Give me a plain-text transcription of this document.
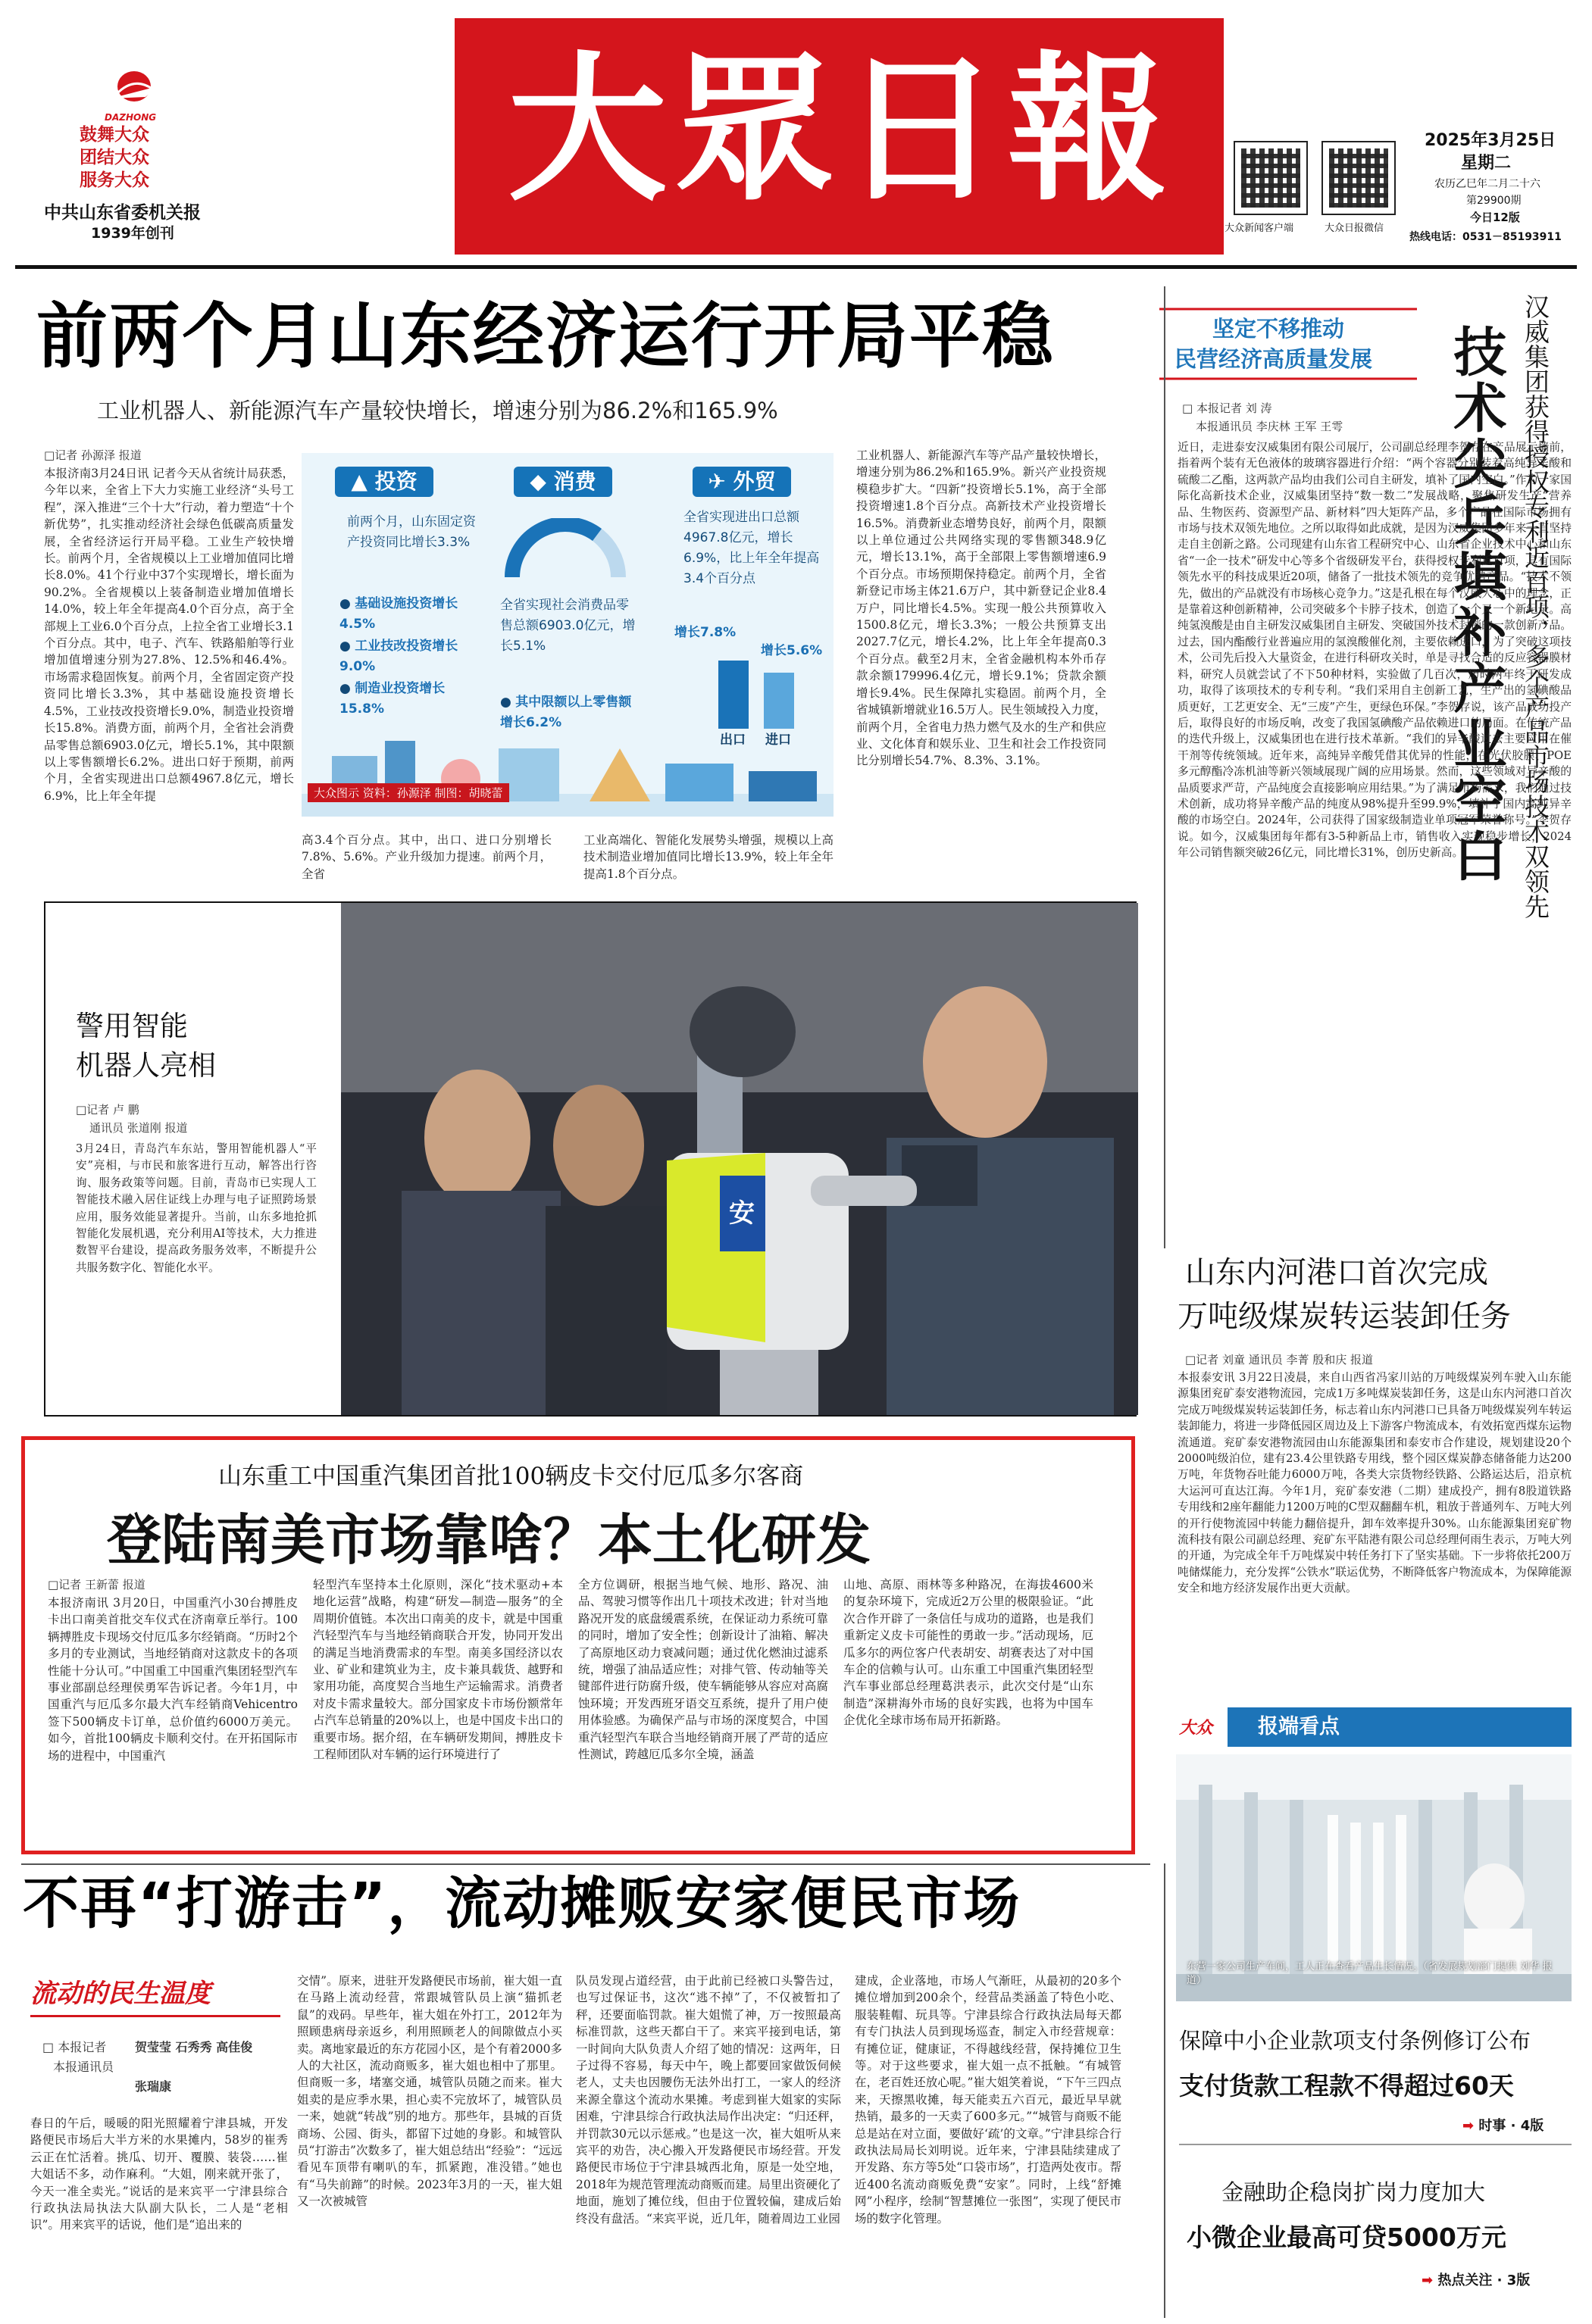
DAZHONG
鼓舞大众
团结大众
服务大众
中共山东省委机关报
1939年创刊
大眾日報
大众新闻客户端	大众日报微信
2025年3月25日
星期二
农历乙巳年二月二十六
第29900期
今日12版
热线电话：0531－85193911
前两个月山东经济运行开局平稳
工业机器人、新能源汽车产量较快增长，增速分别为86.2%和165.9%
□记者 孙源泽 报道
本报济南3月24日讯 记者今天从省统计局获悉，今年以来，全省上下大力实施工业经济“头号工程”，深入推进“三个十大”行动，着力塑造“十个新优势”，扎实推动经济社会绿色低碳高质量发展，全省经济运行开局平稳。工业生产较快增长。前两个月，全省规模以上工业增加值同比增长8.0%。41个行业中37个实现增长，增长面为90.2%。全省规模以上装备制造业增加值增长14.0%，较上年全年提高4.0个百分点，高于全部规上工业6.0个百分点，上拉全省工业增长3.1个百分点。其中，电子、汽车、铁路船舶等行业增加值增速分别为27.8%、12.5%和46.4%。市场需求稳固恢复。前两个月，全省固定资产投资同比增长3.3%，其中基础设施投资增长4.5%，工业技改投资增长9.0%，制造业投资增长15.8%。消费方面，前两个月，全省社会消费品零售总额6903.0亿元，增长5.1%，其中限额以上零售额增长6.2%。进出口好于预期，前两个月，全省实现进出口总额4967.8亿元，增长6.9%，比上年全年提
▲ 投资
前两个月，山东固定资产投资同比增长3.3%
● 基础设施投资增长4.5%
● 工业技改投资增长9.0%
● 制造业投资增长15.8%
◆ 消费
全省实现社会消费品零售总额6903.0亿元，增长5.1%
● 其中限额以上零售额增长6.2%
✈ 外贸
全省实现进出口总额4967.8亿元，增长6.9%，比上年全年提高3.4个百分点
增长7.8%
增长5.6%
出口 进口
大众图示 资料：孙源泽 制图：胡晓蕾
高3.4个百分点。其中，出口、进口分别增长7.8%、5.6%。产业升级加力提速。前两个月，全省
工业高端化、智能化发展势头增强，规模以上高技术制造业增加值同比增长13.9%，较上年全年提高1.8个百分点。
工业机器人、新能源汽车等产品产量较快增长，增速分别为86.2%和165.9%。新兴产业投资规模稳步扩大。“四新”投资增长5.1%，高于全部投资增速1.8个百分点。高新技术产业投资增长16.5%。消费新业态增势良好，前两个月，限额以上单位通过公共网络实现的零售额348.9亿元，增长13.1%，高于全部限上零售额增速6.9个百分点。市场预期保持稳定。前两个月，全省新登记市场主体21.6万户，其中新登记企业8.4万户，同比增长4.5%。实现一般公共预算收入1500.8亿元，增长3.3%；一般公共预算支出2027.7亿元，增长4.2%，比上年全年提高0.3个百分点。截至2月末，全省金融机构本外币存款余额179996.4亿元，增长9.1%；贷款余额增长9.4%。民生保障扎实稳固。前两个月，全省城镇新增就业16.5万人。民生领域投入力度，前两个月，全省电力热力燃气及水的生产和供应业、文化体育和娱乐业、卫生和社会工作投资同比分别增长54.7%、8.3%、3.1%。
坚定不移推动
民营经济高质量发展
□ 本报记者 刘 涛
本报通讯员 李庆林 王军 王雩 技术尖兵填补产业空白 汉威集团获得授权专利近百项，多个产品市场技术双领先
近日，走进泰安汉威集团有限公司展厅，公司副总经理李贺存在产品展示墙前，指着两个装有无色液体的玻璃容器进行介绍：“两个容器分别装着高纯异辛酸和硫酸二乙酯，这两款产品均由我们公司自主研发，填补了国内空白。”作为一家国际化高新技术企业，汉威集团坚持“数一数二”发展战略，聚焦研发生产“营养品、生物医药、资源型产品、新材料”四大矩阵产品，多个产品在国际市场拥有市场与技术双领先地位。之所以取得如此成就，是因为汉威集团多年来一直坚持走自主创新之路。公司现建有山东省工程研究中心、山东省企业技术中心和山东省“一企一技术”研发中心等多个省级研发平台，获得授权专利近百项，具有国际领先水平的科技成果近20项，储备了一批技术领先的竞争优势产品。“技术不领先，做出的产品就没有市场核心竞争力。”这是孔根在每个汉威人心中的理念，正是靠着这种创新精神，公司突破多个卡脖子技术，创造了一个又一个新纪录。高纯氢溴酸是由自主研发汉威集团自主研发、突破国外技术封锁的一款创新产品。过去，国内酯酸行业普遍应用的氢溴酸催化剂，主要依赖进口，为了突破这项技术，公司先后投入大量资金，在进行科研攻关时，单是寻找合适的反应容器膜材料，研究人员就尝试了不下50种材料，实验做了几百次，历时两年终于研发成功，取得了该项技术的专利专利。“我们采用自主创新工艺，生产出的氢碘酸品质更好，工艺更安全、无“三废”产生，更绿色环保。”李贺存说，该产品成功投产后，取得良好的市场反响，改变了我国氢碘酸产品依赖进口的局面。在传统产品的迭代升级上，汉威集团也在进行技术革新。“我们的异辛酸过去主要应用在催干剂等传统领域。近年来，高纯异辛酸凭借其优异的性能，在光伏胶膜、POE多元醇酯冷冻机油等新兴领域展现广阔的应用场景。然而，这些领域对异辛酸的品质要求严苛，产品纯度会直接影响应用结果。”为了满足市场需求，我们通过技术创新，成功将异辛酸产品的纯度从98%提升至99.9%，填补了国内高纯异辛酸的市场空白。2024年，公司获得了国家级制造业单项冠军荣誉称号。”李贺存说。如今，汉威集团每年都有3-5种新品上市，销售收入实现稳步增长，2024年公司销售额突破26亿元，同比增长31%，创历史新高。
安
警用智能
机器人亮相
□记者 卢 鹏
通讯员 张道刚 报道
3月24日，青岛汽车东站，警用智能机器人“平安”亮相，与市民和旅客进行互动，解答出行咨询、服务政策等问题。目前，青岛市已实现人工智能技术融入居住证线上办理与电子证照跨场景应用，服务效能显著提升。当前，山东多地抢抓智能化发展机遇，充分利用AI等技术，大力推进数智平台建设，提高政务服务效率，不断提升公共服务数字化、智能化水平。	山东内河港口首次完成
万吨级煤炭转运装卸任务
□记者 刘童 通讯员 李菁 殷和庆 报道
本报泰安讯 3月22日凌晨，来自山西省冯家川站的万吨级煤炭列车驶入山东能源集团兖矿泰安港物流园，完成1万多吨煤炭装卸任务，这是山东内河港口首次完成万吨级煤炭转运装卸任务，标志着山东内河港口已具备万吨级煤炭列车转运装卸能力，将进一步降低园区周边及上下游客户物流成本，有效拓宽西煤东运物流通道。兖矿泰安港物流园由山东能源集团和泰安市合作建设，规划建设20个2000吨级泊位，建有23.4公里铁路专用线，整个园区煤炭静态储备能力达200万吨，年货物吞吐能力6000万吨，各类大宗货物经铁路、公路运达后，沿京杭大运河可直达江海。今年1月，兖矿泰安港（二期）建成投产，拥有8股道铁路专用线和2座年翻能力1200万吨的C型双翻翻车机，粗放于普通列车、万吨大列的开行使物流园中转能力翻倍提升，卸车效率提升30%。山东能源集团兖矿物流科技有限公司副总经理、兖矿东平陆港有限公司总经理何雨生表示，万吨大列的开通，为完成全年千万吨煤炭中转任务打下了坚实基础。下一步将依托200万吨储煤能力，充分发挥“公铁水”联运优势，不断降低客户物流成本，为保障能源安全和地方经济发展作出更大贡献。
山东重工中国重汽集团首批100辆皮卡交付厄瓜多尔客商
登陆南美市场靠啥？本土化研发
□记者 王新蕾 报道
本报济南讯 3月20日，中国重汽小30台搏胜皮卡出口南美首批交车仪式在济南章丘举行。100辆搏胜皮卡现场交付厄瓜多尔经销商。“历时2个多月的专业测试，当地经销商对这款皮卡的各项性能十分认可。”中国重工中国重汽集团轻型汽车事业部副总经理侯勇军告诉记者。今年1月，中国重汽与厄瓜多尔最大汽车经销商Vehicentro签下500辆皮卡订单，总价值约6000万美元。如今，首批100辆皮卡顺利交付。在开拓国际市场的进程中，中国重汽
轻型汽车坚持本土化原则，深化“技术驱动+本地化运营”战略，构建“研发—制造—服务”的全周期价值链。本次出口南美的皮卡，就是中国重汽轻型汽车与当地经销商联合开发，协同开发出的满足当地消费需求的车型。南美多国经济以农业、矿业和建筑业为主，皮卡兼具载货、越野和家用功能，高度契合当地生产运输需求。消费者对皮卡需求量较大。部分国家皮卡市场份额常年占汽车总销量的20%以上，也是中国皮卡出口的重要市场。据介绍，在车辆研发期间，搏胜皮卡工程师团队对车辆的运行环境进行了
全方位调研，根据当地气候、地形、路况、油品、驾驶习惯等作出几十项技术改进；针对当地路况开发的底盘缓震系统，在保证动力系统可靠的同时，增加了安全性；创新设计了油箱、解决了高原地区动力衰减问题；通过优化燃油过滤系统，增强了油品适应性；对排气管、传动轴等关键部件进行防腐升级，使车辆能够从容应对高腐蚀环境；开发西班牙语交互系统，提升了用户使用体验感。为确保产品与市场的深度契合，中国重汽轻型汽车联合当地经销商开展了严苛的适应性测试，跨越厄瓜多尔全境，涵盖
山地、高原、雨林等多种路况，在海拔4600米的复杂环境下，完成近2万公里的极限验证。“此次合作开辟了一条信任与成功的道路，也是我们重新定义皮卡可能性的勇敢一步。”活动现场，厄瓜多尔的两位客户代表胡安、胡赛表达了对中国车企的信赖与认可。山东重工中国重汽集团轻型汽车事业部总经理葛洪表示，此次交付是“山东制造”深耕海外市场的良好实践，也将为中国车企优化全球市场布局开拓新路。
不再“打游击”，流动摊贩安家便民市场
流动的民生温度
□ 本报记者 贺莹莹 石秀秀 高佳俊
本报通讯员
张瑞康
春日的午后，暖暖的阳光照耀着宁津县城，开发路便民市场后大半方米的水果摊内，58岁的崔秀云正在忙活着。挑瓜、切开、覆膜、装袋……崔大姐话不多，动作麻利。“大姐，刚来就开张了，今天一准全卖光。”说话的是来宾平一宁津县综合行政执法局执法大队副大队长，二人是“老相识”。用来宾平的话说，他们是“追出来的
交情”。原来，进驻开发路便民市场前，崔大姐一直在马路上流动经营，常跟城管队员上演“猫抓老鼠”的戏码。早些年，崔大姐在外打工，2012年为照顾患病母亲返乡，利用照顾老人的间隙做点小买卖。离地家最近的东方花园小区，是个有着2000多人的大社区，流动商贩多，崔大姐也相中了那里。但商贩一多，堵塞交通，城管队员随之而来。崔大姐卖的是应季水果，担心卖不完放坏了，城管队员一来，她就“转战”别的地方。那些年，县城的百货商场、公园、街头，都留下过她的身影。和城管队员“打游击”次数多了，崔大姐总结出“经验”：“远远看见车顶带有喇叭的车，抓紧跑，准没错。”她也有“马失前蹄”的时候。2023年3月的一天，崔大姐又一次被城管
队员发现占道经营，由于此前已经被口头警告过，也写过保证书，这次“逃不掉”了，不仅被暂扣了秤，还要面临罚款。崔大姐慌了神，万一按照最高标准罚款，这些天都白干了。来宾平接到电话，第一时间向大队负责人介绍了她的情况：这两年，日子过得不容易，每天中午，晚上都要回家做饭伺候老人，丈夫也因腰伤无法外出打工，一家人的经济来源全靠这个流动水果摊。考虑到崔大姐家的实际困难，宁津县综合行政执法局作出决定：“归还秤，并罚款30元以示惩戒。”也是这一次，崔大姐听从来宾平的劝告，决心搬入开发路便民市场经营。开发路便民市场位于宁津县城西北角，原是一处空地，2018年为规范管理流动商贩而建。局里出资硬化了地面，施划了摊位线，但由于位置较偏，建成后始终没有盘活。“来宾平说，近几年，随着周边工业园
建成，企业落地，市场人气渐旺，从最初的20多个摊位增加到200余个，经营品类涵盖了特色小吃、服装鞋帽、玩具等。宁津县综合行政执法局每天都有专门执法人员到现场巡查，制定入市经营规章：有摊位证，健康证，不得越线经营，保持摊位卫生等。对于这些要求，崔大姐一点不抵触。“有城管在，老百姓还放心呢。”崔大姐笑着说，“下午三四点来，天擦黑收摊，每天能卖五六百元，最近早早就热销，最多的一天卖了600多元。”“城管与商贩不能总是站在对立面，要做好‘疏’的文章。”宁津县综合行政执法局局长刘明说。近年来，宁津县陆续建成了开发路、东方等5处“口袋市场”，打造两处夜市。帮近400名流动商贩免费“安家”。同时，上线“舒摊网”小程序，绘制“智慧摊位一张图”，实现了便民市场的数字化管理。
大众	报端看点
东营一家公司生产车间，工人正在查看产品生长情况。（省发展规划部门提供 刘华 报道）
保障中小企业款项支付条例修订公布
支付货款工程款不得超过60天
➡ 时事 · 4版
金融助企稳岗扩岗力度加大
小微企业最高可贷5000万元
➡ 热点关注 · 3版
